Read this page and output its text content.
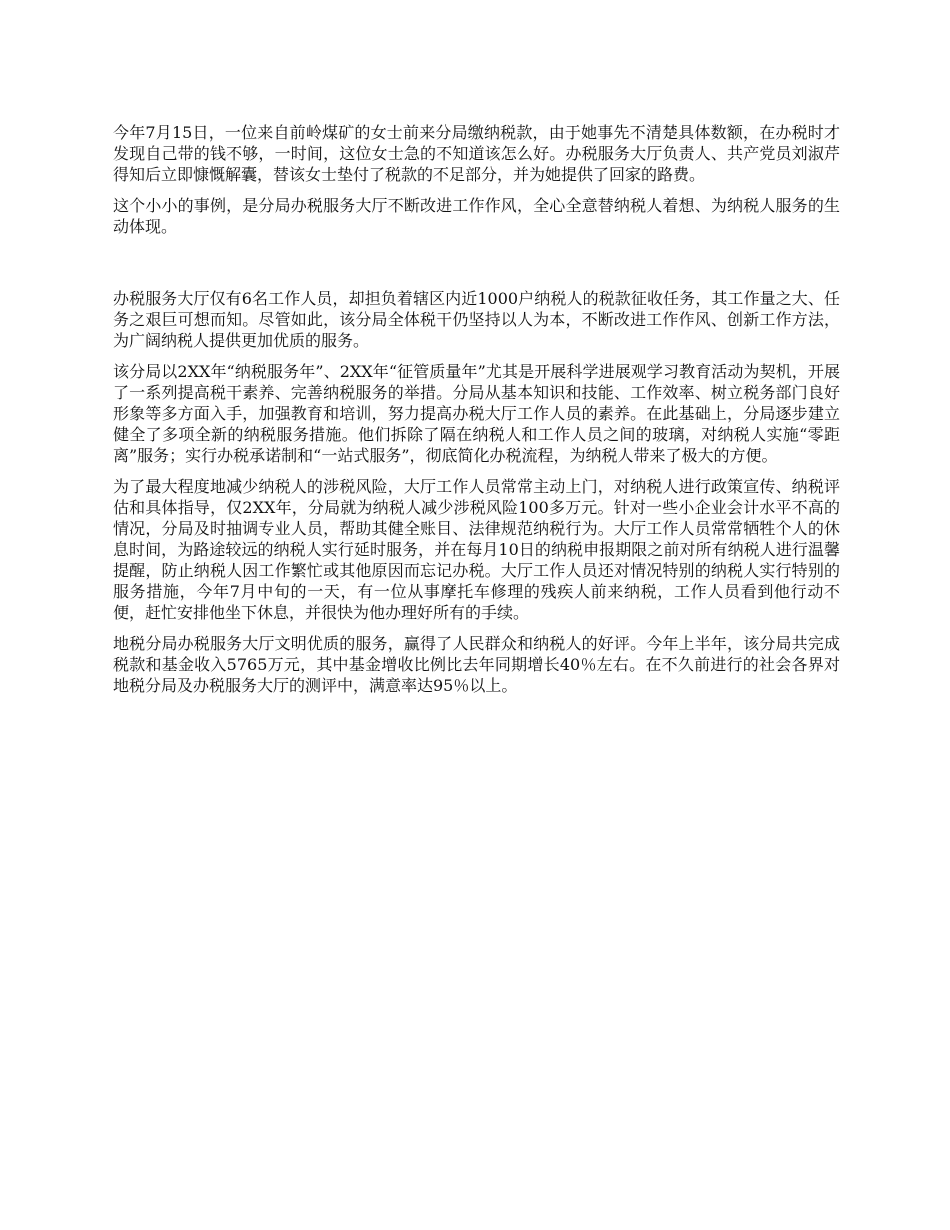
今年7月15日，一位来自前岭煤矿的女士前来分局缴纳税款，由于她事先不清楚具体数额，在办税时才发现自己带的钱不够，一时间，这位女士急的不知道该怎么好。办税服务大厅负责人、共产党员刘淑芹得知后立即慷慨解囊，替该女士垫付了税款的不足部分，并为她提供了回家的路费。

这个小小的事例，是分局办税服务大厅不断改进工作作风，全心全意替纳税人着想、为纳税人服务的生动体现。

办税服务大厅仅有6名工作人员，却担负着辖区内近1000户纳税人的税款征收任务，其工作量之大、任务之艰巨可想而知。尽管如此，该分局全体税干仍坚持以人为本，不断改进工作作风、创新工作方法，为广阔纳税人提供更加优质的服务。

该分局以2XX年“纳税服务年”、2XX年“征管质量年”尤其是开展科学进展观学习教育活动为契机，开展了一系列提高税干素养、完善纳税服务的举措。分局从基本知识和技能、工作效率、树立税务部门良好形象等多方面入手，加强教育和培训，努力提高办税大厅工作人员的素养。在此基础上，分局逐步建立健全了多项全新的纳税服务措施。他们拆除了隔在纳税人和工作人员之间的玻璃，对纳税人实施“零距离”服务；实行办税承诺制和“一站式服务”，彻底简化办税流程，为纳税人带来了极大的方便。

为了最大程度地减少纳税人的涉税风险，大厅工作人员常常主动上门，对纳税人进行政策宣传、纳税评估和具体指导，仅2XX年，分局就为纳税人减少涉税风险100多万元。针对一些小企业会计水平不高的情况，分局及时抽调专业人员，帮助其健全账目、法律规范纳税行为。大厅工作人员常常牺牲个人的休息时间，为路途较远的纳税人实行延时服务，并在每月10日的纳税申报期限之前对所有纳税人进行温馨提醒，防止纳税人因工作繁忙或其他原因而忘记办税。大厅工作人员还对情况特别的纳税人实行特别的服务措施，今年7月中旬的一天，有一位从事摩托车修理的残疾人前来纳税，工作人员看到他行动不便，赶忙安排他坐下休息，并很快为他办理好所有的手续。

地税分局办税服务大厅文明优质的服务，赢得了人民群众和纳税人的好评。今年上半年，该分局共完成税款和基金收入5765万元，其中基金增收比例比去年同期增长40％左右。在不久前进行的社会各界对地税分局及办税服务大厅的测评中，满意率达95％以上。
